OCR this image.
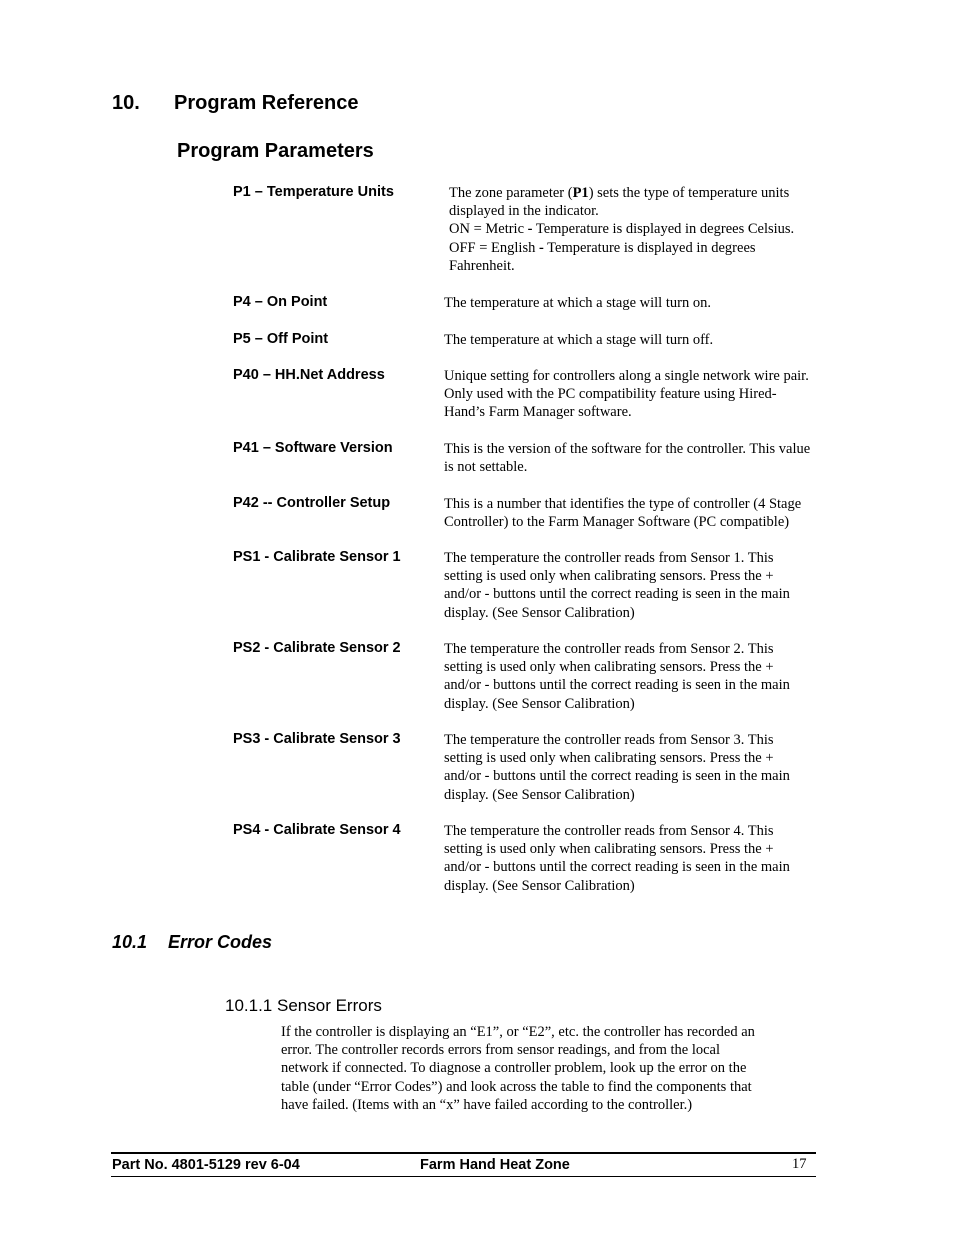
10. Program Reference
Program Parameters
P1 – Temperature Units	The zone parameter (P1) sets the type of temperature units
displayed in the indicator.
ON = Metric - Temperature is displayed in degrees Celsius.
OFF = English - Temperature is displayed in degrees
Fahrenheit.
P4 – On Point	The temperature at which a stage will turn on.
P5 – Off Point	The temperature at which a stage will turn off.
P40 – HH.Net Address	Unique setting for controllers along a single network wire pair.
Only used with the PC compatibility feature using Hired-
Hand’s Farm Manager software.
P41 – Software Version	This is the version of the software for the controller. This value
is not settable.
P42 -- Controller Setup	This is a number that identifies the type of controller (4 Stage
Controller) to the Farm Manager Software (PC compatible)
PS1 - Calibrate Sensor 1	The temperature the controller reads from Sensor 1. This
setting is used only when calibrating sensors. Press the +
and/or - buttons until the correct reading is seen in the main
display. (See Sensor Calibration)
PS2 - Calibrate Sensor 2	The temperature the controller reads from Sensor 2. This
setting is used only when calibrating sensors. Press the +
and/or - buttons until the correct reading is seen in the main
display. (See Sensor Calibration)
PS3 - Calibrate Sensor 3	The temperature the controller reads from Sensor 3. This
setting is used only when calibrating sensors. Press the +
and/or - buttons until the correct reading is seen in the main
display. (See Sensor Calibration)
PS4 - Calibrate Sensor 4	The temperature the controller reads from Sensor 4. This
setting is used only when calibrating sensors. Press the +
and/or - buttons until the correct reading is seen in the main
display. (See Sensor Calibration)
10.1 Error Codes
10.1.1 Sensor Errors
If the controller is displaying an “E1”, or “E2”, etc. the controller has recorded an
error. The controller records errors from sensor readings, and from the local
network if connected. To diagnose a controller problem, look up the error on the
table (under “Error Codes”) and look across the table to find the components that
have failed. (Items with an “x” have failed according to the controller.)
Part No. 4801-5129 rev 6-04	Farm Hand Heat Zone	17
